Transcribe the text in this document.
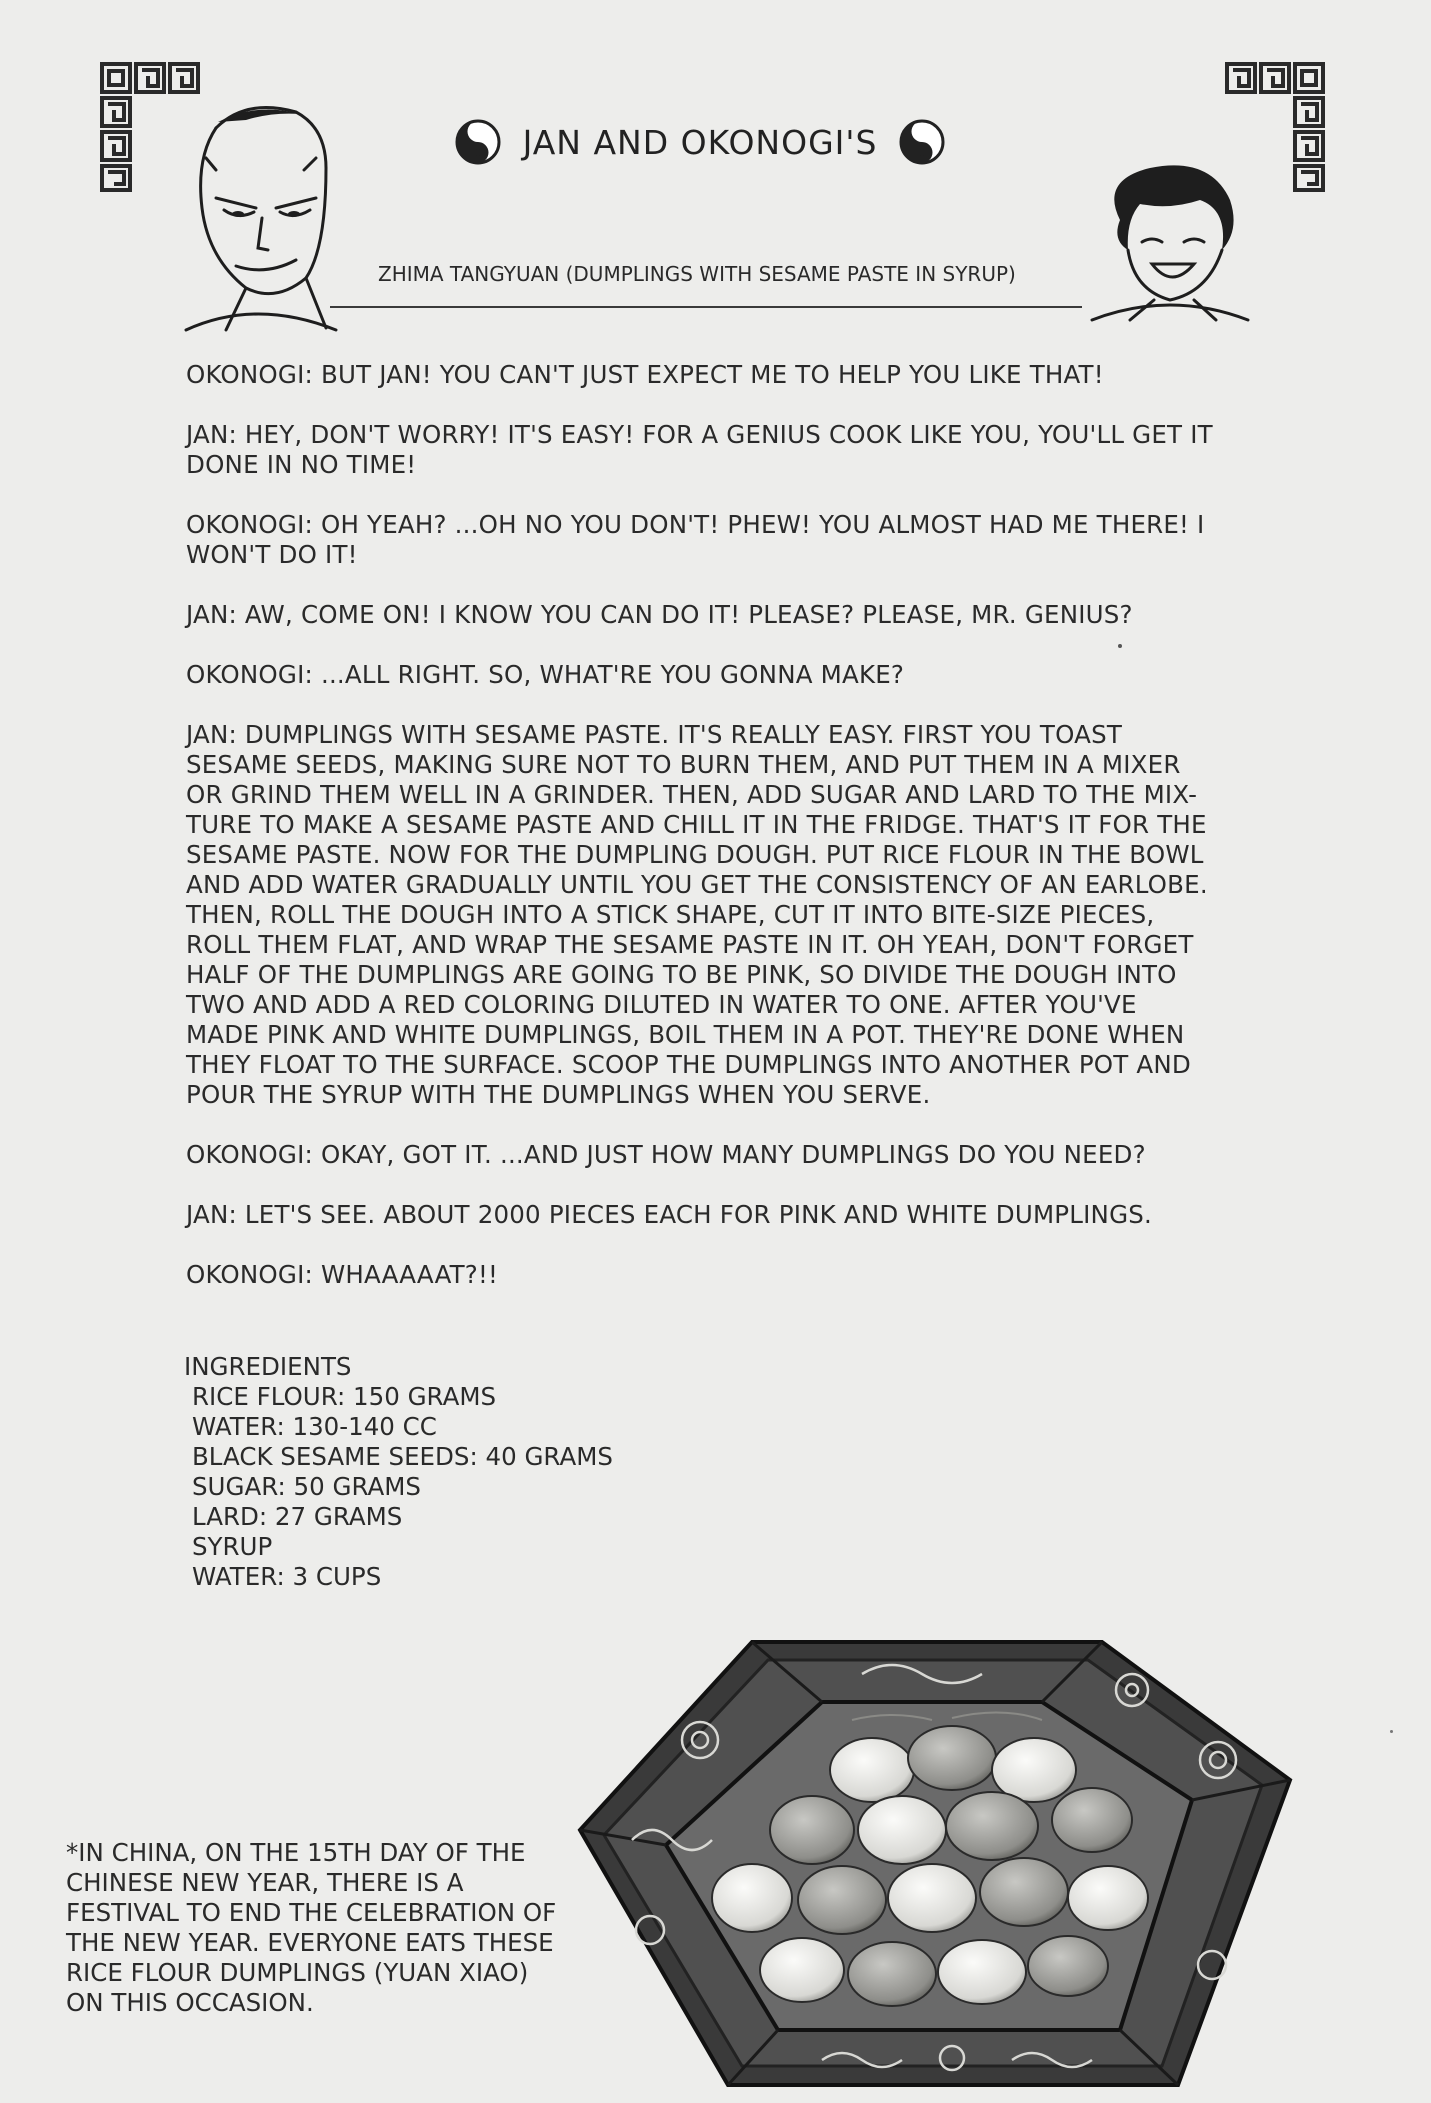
JAN AND OKONOGI'S
ZHIMA TANGYUAN (DUMPLINGS WITH SESAME PASTE IN SYRUP)

OKONOGI: BUT JAN! YOU CAN'T JUST EXPECT ME TO HELP YOU LIKE THAT!

JAN: HEY, DON'T WORRY! IT'S EASY! FOR A GENIUS COOK LIKE YOU, YOU'LL GET IT DONE IN NO TIME!

OKONOGI: OH YEAH? ...OH NO YOU DON'T! PHEW! YOU ALMOST HAD ME THERE! I WON'T DO IT!

JAN: AW, COME ON! I KNOW YOU CAN DO IT! PLEASE? PLEASE, MR. GENIUS?

OKONOGI: ...ALL RIGHT. SO, WHAT'RE YOU GONNA MAKE?

JAN: DUMPLINGS WITH SESAME PASTE. IT'S REALLY EASY. FIRST YOU TOAST SESAME SEEDS, MAKING SURE NOT TO BURN THEM, AND PUT THEM IN A MIXER OR GRIND THEM WELL IN A GRINDER. THEN, ADD SUGAR AND LARD TO THE MIX- TURE TO MAKE A SESAME PASTE AND CHILL IT IN THE FRIDGE. THAT'S IT FOR THE SESAME PASTE. NOW FOR THE DUMPLING DOUGH. PUT RICE FLOUR IN THE BOWL AND ADD WATER GRADUALLY UNTIL YOU GET THE CONSISTENCY OF AN EARLOBE. THEN, ROLL THE DOUGH INTO A STICK SHAPE, CUT IT INTO BITE-SIZE PIECES, ROLL THEM FLAT, AND WRAP THE SESAME PASTE IN IT. OH YEAH, DON'T FORGET HALF OF THE DUMPLINGS ARE GOING TO BE PINK, SO DIVIDE THE DOUGH INTO TWO AND ADD A RED COLORING DILUTED IN WATER TO ONE. AFTER YOU'VE MADE PINK AND WHITE DUMPLINGS, BOIL THEM IN A POT. THEY'RE DONE WHEN THEY FLOAT TO THE SURFACE. SCOOP THE DUMPLINGS INTO ANOTHER POT AND POUR THE SYRUP WITH THE DUMPLINGS WHEN YOU SERVE.

OKONOGI: OKAY, GOT IT. ...AND JUST HOW MANY DUMPLINGS DO YOU NEED?

JAN: LET'S SEE. ABOUT 2000 PIECES EACH FOR PINK AND WHITE DUMPLINGS.

OKONOGI: WHAAAAAT?!!

INGREDIENTS
RICE FLOUR: 150 GRAMS
WATER: 130-140 CC
BLACK SESAME SEEDS: 40 GRAMS
SUGAR: 50 GRAMS
LARD: 27 GRAMS
SYRUP
WATER: 3 CUPS
*IN CHINA, ON THE 15TH DAY OF THE CHINESE NEW YEAR, THERE IS A FESTIVAL TO END THE CELEBRATION OF THE NEW YEAR. EVERYONE EATS THESE RICE FLOUR DUMPLINGS (YUAN XIAO) ON THIS OCCASION.
